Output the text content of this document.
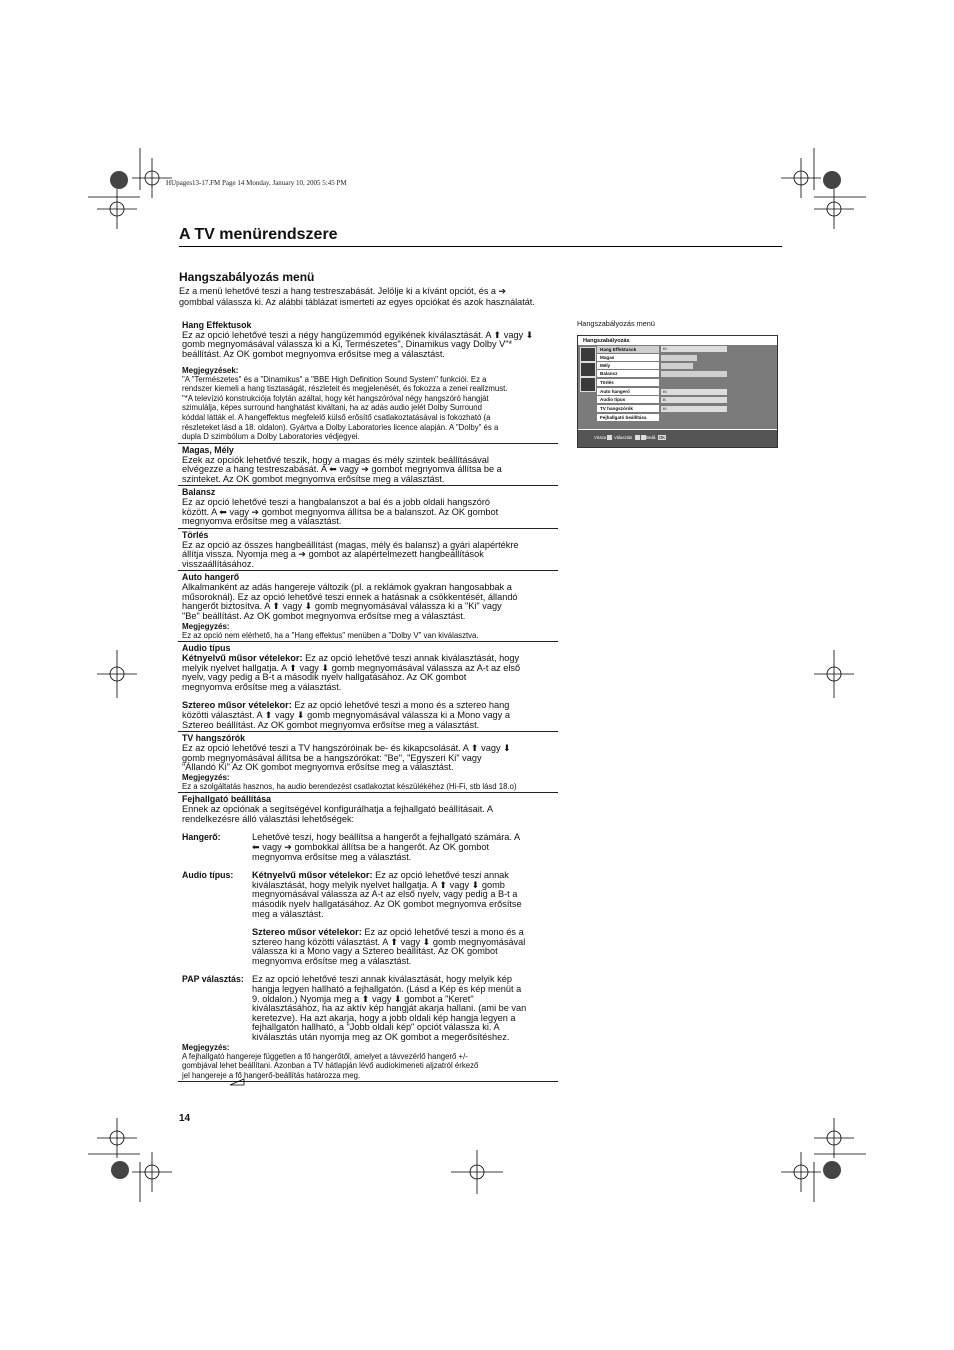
HUpages13-17.FM Page 14 Monday, January 10, 2005 5:45 PM
A TV menürendszere
Hangszabályozás menü
Ez a menü lehetővé teszi a hang testreszabását. Jelölje ki a kívánt opciót, és a ➔
gombbal válassza ki. Az alábbi táblázat ismerteti az egyes opciókat és azok használatát.
Hang Effektusok
Ez az opció lehetővé teszi a négy hangüzemmód egyikének kiválasztását. A ⬆ vagy ⬇
gomb megnyomásával válassza ki a Ki, Természetes", Dinamikus vagy Dolby V"*
beállítást. Az OK gombot megnyomva erősítse meg a választást.
Megjegyzések:
"A "Természetes" és a "Dinamikus" a "BBE High Definition Sound System" funkciói. Ez a
rendszer kiemeli a hang tisztaságát, részleteit és megjelenését, és fokozza a zenei realizmust.
"*A televízió konstrukciója folytán azáltal, hogy két hangszóróval négy hangszóró hangját
szimulálja, képes surround hanghatást kiváltani, ha az adás audio jelét Dolby Surround
kóddal látták el. A hangeffektus megfelelő külső erősítő csatlakoztatásával is fokozható (a
részleteket lásd a 18. oldalon). Gyártva a Dolby Laboratories licence alapján. A "Dolby" és a
dupla D szimbólum a Dolby Laboratories védjegyei.
Magas, Mély
Ezek az opciók lehetővé teszik, hogy a magas és mély szintek beállításával
elvégezze a hang testreszabását. A ⬅ vagy ➔ gombot megnyomva állítsa be a
szinteket. Az OK gombot megnyomva erősítse meg a választást.
Balansz
Ez az opció lehetővé teszi a hangbalanszot a bal és a jobb oldali hangszóró
között. A ⬅ vagy ➔ gombot megnyomva állítsa be a balanszot. Az OK gombot
megnyomva erősítse meg a választást.
Törlés
Ez az opció az összes hangbeállítást (magas, mély és balansz) a gyári alapértékre
állítja vissza. Nyomja meg a ➔ gombot az alapértelmezett hangbeállítások
visszaállításához.
Auto hangerő
Alkalmanként az adás hangereje változik (pl. a reklámok gyakran hangosabbak a
műsoroknál). Ez az opció lehetővé teszi ennek a hatásnak a csökkentését, állandó
hangerőt biztosítva. A ⬆ vagy ⬇ gomb megnyomásával válassza ki a "Ki" vagy
"Be" beállítást. Az OK gombot megnyomva erősítse meg a választást.
Megjegyzés:
Ez az opció nem elérhető, ha a "Hang effektus" menüben a "Dolby V" van kiválasztva.
Audio típus
Kétnyelvű műsor vételekor: Ez az opció lehetővé teszi annak kiválasztását, hogy
melyik nyelvet hallgatja. A ⬆ vagy ⬇ gomb megnyomásával válassza az A-t az első
nyelv, vagy pedig a B-t a második nyelv hallgatásához. Az OK gombot
megnyomva erősítse meg a választást.
Sztereo műsor vételekor: Ez az opció lehetővé teszi a mono és a sztereo hang
közötti választást. A ⬆ vagy ⬇ gomb megnyomásával válassza ki a Mono vagy a
Sztereo beállítást. Az OK gombot megnyomva erősítse meg a választást.
TV hangszórók
Ez az opció lehetővé teszi a TV hangszóróinak be- és kikapcsolását. A ⬆ vagy ⬇
gomb megnyomásával állítsa be a hangszórókat: "Be", "Egyszeri Ki" vagy
"Állandó Ki" Az OK gombot megnyomva erősítse meg a választást.
Megjegyzés:
Ez a szolgáltatás hasznos, ha audio berendezést csatlakoztat készülékéhez (Hi-Fi, stb lásd 18.o)
Fejhallgató beállítása
Ennek az opciónak a segítségével konfigurálhatja a fejhallgató beállításait. A
rendelkezésre álló választási lehetőségek:
Hangerő:	Lehetővé teszi, hogy beállítsa a hangerőt a fejhallgató számára. A
⬅ vagy ➔ gombokkal állítsa be a hangerőt. Az OK gombot
megnyomva erősítse meg a választást.
Audio típus:	Kétnyelvű műsor vételekor: Ez az opció lehetővé teszi annak
kiválasztását, hogy melyik nyelvet hallgatja. A ⬆ vagy ⬇ gomb
megnyomásával válassza az A-t az első nyelv, vagy pedig a B-t a
második nyelv hallgatásához. Az OK gombot megnyomva erősítse
meg a választást.
Sztereo műsor vételekor: Ez az opció lehetővé teszi a mono és a
sztereo hang közötti választást. A ⬆ vagy ⬇ gomb megnyomásával
válassza ki a Mono vagy a Sztereo beállítást. Az OK gombot
megnyomva erősítse meg a választást.
PAP választás: Ez az opció lehetővé teszi annak kiválasztását, hogy melyik kép
hangja legyen hallható a fejhallgatón. (Lásd a Kép és kép menüt a
9. oldalon.) Nyomja meg a ⬆ vagy ⬇ gombot a "Keret"
kiválasztásához, ha az aktív kép hangját akarja hallani. (ami be van
keretezve). Ha azt akarja, hogy a jobb oldali kép hangja legyen a
fejhallgatón hallható, a "Jobb oldali kép" opciót válassza ki. A
kiválasztás után nyomja meg az OK gombot a megerősítéshez.
Megjegyzés:
A fejhallgató hangereje független a fő hangerőtől, amelyet a távvezérlő hangerő +/-
gombjával lehet beállítani. Azonban a TV hátlapján lévő audiokimeneti aljzatról érkező
jel hangereje a fő hangerő-beállítás határozza meg.
14
Hangszabályozás menü
Hangszabályozás
Hang Effektusok	Ki
Magas
Mély
Balansz
Törlés
Auto hangerő	Ki
Audio típus	B
TV hangszórók	Ki
Fejhallgató beállítása
Vissza Választás	Beáll. OK
